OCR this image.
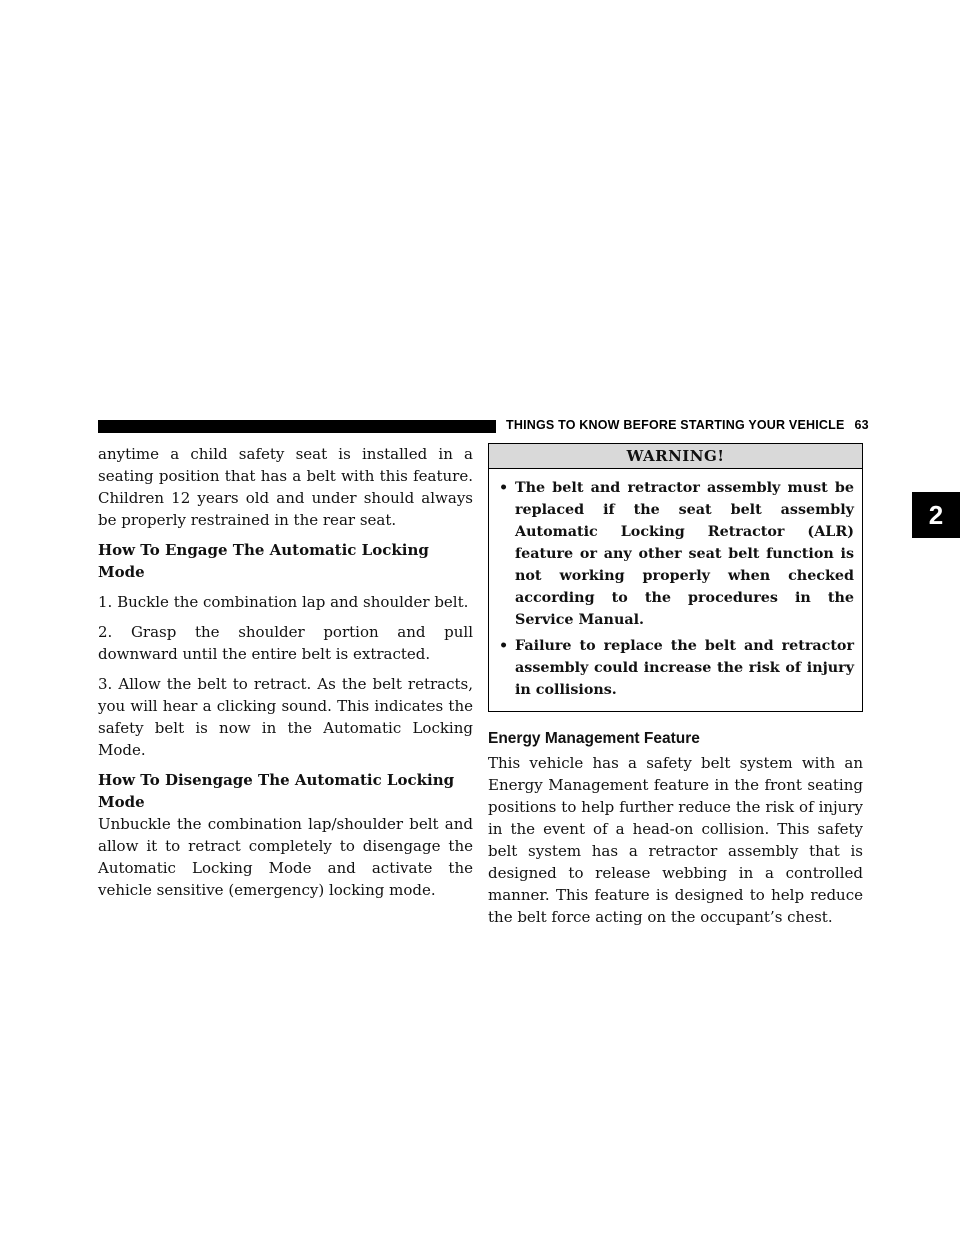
THINGS TO KNOW BEFORE STARTING YOUR VEHICLE 63
2

anytime a child safety seat is installed in a seating position that has a belt with this feature. Children 12 years old and under should always be properly restrained in the rear seat.

How To Engage The Automatic Locking Mode

1. Buckle the combination lap and shoulder belt.

2. Grasp the shoulder portion and pull downward until the entire belt is extracted.

3. Allow the belt to retract. As the belt retracts, you will hear a clicking sound. This indicates the safety belt is now in the Automatic Locking Mode.

How To Disengage The Automatic Locking Mode

Unbuckle the combination lap/shoulder belt and allow it to retract completely to disengage the Automatic Locking Mode and activate the vehicle sensitive (emergency) locking mode.

WARNING!
• The belt and retractor assembly must be replaced if the seat belt assembly Automatic Locking Retractor (ALR) feature or any other seat belt function is not working properly when checked according to the procedures in the Service Manual.
• Failure to replace the belt and retractor assembly could increase the risk of injury in collisions.
Energy Management Feature

This vehicle has a safety belt system with an Energy Management feature in the front seating positions to help further reduce the risk of injury in the event of a head-on collision. This safety belt system has a retractor assembly that is designed to release webbing in a controlled manner. This feature is designed to help reduce the belt force acting on the occupant’s chest.
